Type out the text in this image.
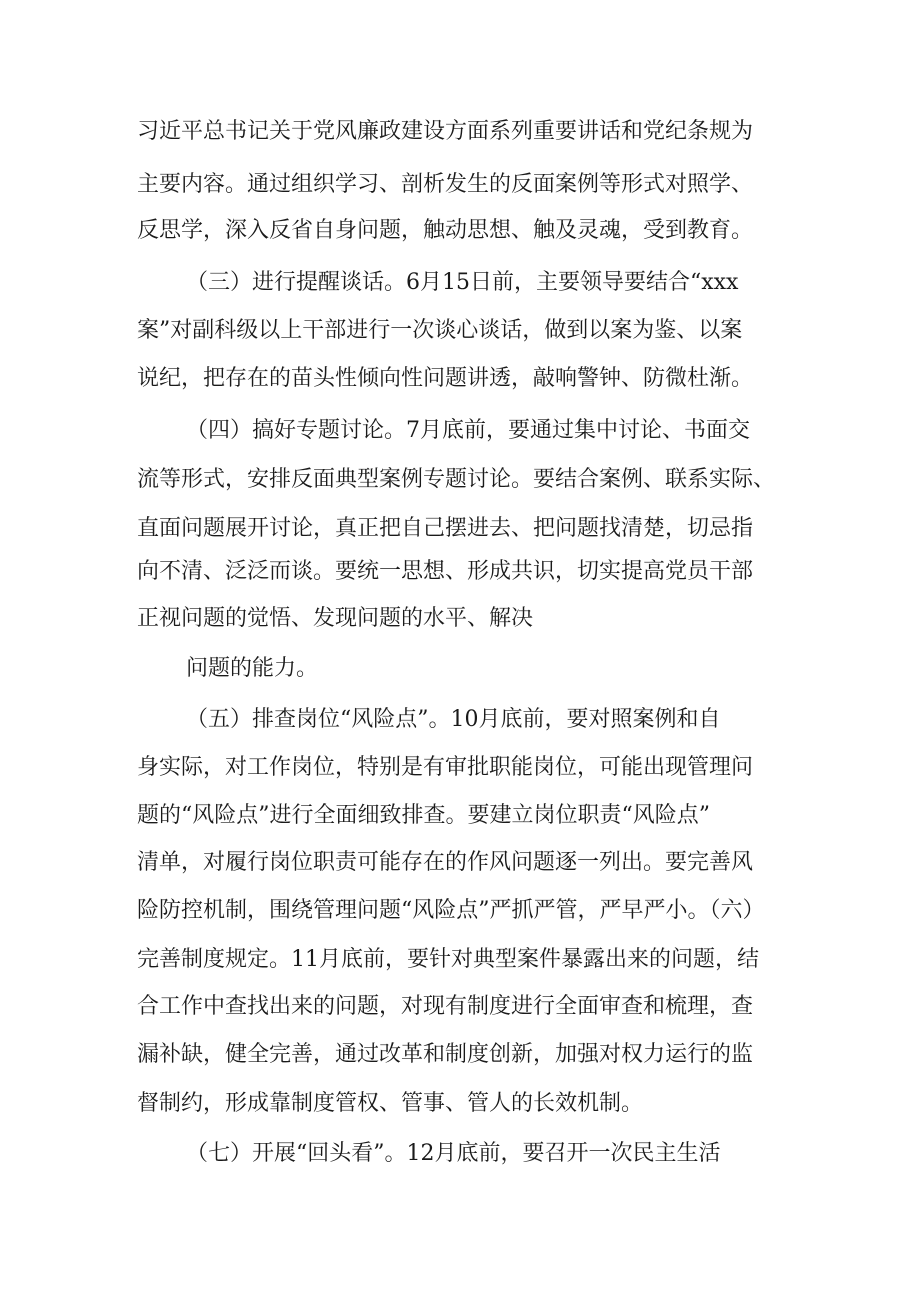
习近平总书记关于党风廉政建设方面系列重要讲话和党纪条规为
主要内容。通过组织学习、剖析发生的反面案例等形式对照学、
反思学，深入反省自身问题，触动思想、触及灵魂，受到教育。
（三）进行提醒谈话。6月15日前，主要领导要结合“xxx
案”对副科级以上干部进行一次谈心谈话，做到以案为鉴、以案
说纪，把存在的苗头性倾向性问题讲透，敲响警钟、防微杜渐。
（四）搞好专题讨论。7月底前，要通过集中讨论、书面交
流等形式，安排反面典型案例专题讨论。要结合案例、联系实际、
直面问题展开讨论，真正把自己摆进去、把问题找清楚，切忌指
向不清、泛泛而谈。要统一思想、形成共识，切实提高党员干部
正视问题的觉悟、发现问题的水平、解决
问题的能力。
（五）排查岗位“风险点”。10月底前，要对照案例和自
身实际，对工作岗位，特别是有审批职能岗位，可能出现管理问
题的“风险点”进行全面细致排查。要建立岗位职责“风险点”
清单，对履行岗位职责可能存在的作风问题逐一列出。要完善风
险防控机制，围绕管理问题“风险点”严抓严管，严早严小。（六）
完善制度规定。11月底前，要针对典型案件暴露出来的问题，结
合工作中查找出来的问题，对现有制度进行全面审查和梳理，查
漏补缺，健全完善，通过改革和制度创新，加强对权力运行的监
督制约，形成靠制度管权、管事、管人的长效机制。
（七）开展“回头看”。12月底前，要召开一次民主生活
